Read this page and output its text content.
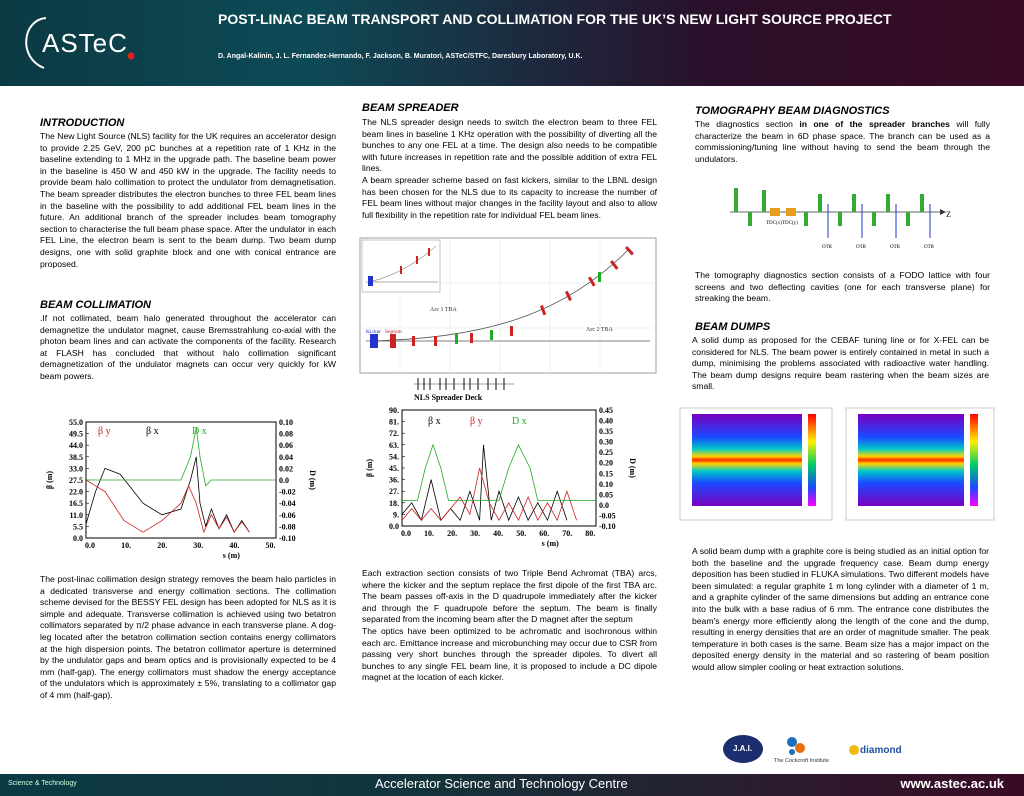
ASTeC
POST-LINAC BEAM TRANSPORT AND COLLIMATION FOR THE UK’S NEW LIGHT SOURCE PROJECT
D. Angal-Kalinin, J. L. Fernandez-Hernando, F. Jackson, B. Muratori, ASTeC/STFC, Daresbury Laboratory, U.K.
INTRODUCTION
The New Light Source (NLS) facility for the UK requires an accelerator design to provide 2.25 GeV, 200 pC bunches at a repetition rate of 1 KHz in the baseline extending to 1 MHz in the upgrade path. The baseline beam power in the baseline is 450 W and 450 kW in the upgrade. The facility needs to provide beam halo collimation to protect the undulator from demagnetisation. The beam spreader distributes the electron bunches to three FEL beam lines in the baseline with the possibility to add additional FEL beam lines in the future. An additional branch of the spreader includes beam tomography section to characterise the full beam phase space. After the undulator in each FEL Line, the electron beam is sent to the beam dump. Two beam dump designs, one with solid graphite block and one with conical entrance are proposed.
BEAM COLLIMATION
.If not collimated, beam halo generated throughout the accelerator can demagnetize the undulator magnet, cause Bremsstrahlung co-axial with the photon beam lines and can activate the components of the facility. Research at FLASH has concluded that without halo collimation significant demagnetization of the undulator magnets can occur very quickly for kW beam powers.
55.0
49.5
44.0
38.5
33.0
27.5
22.0
16.5
11.0
5.5
0.0
0.10
0.08
0.06
0.04
0.02
0.0
-0.02
-0.04
-0.06
-0.08
-0.10
0.0	10.	20.	30.	40.	50.
s (m)
β (m)	D (m)
β y	β x	D x
The post-linac collimation design strategy removes the beam halo particles in a dedicated transverse and energy collimation sections. The collimation scheme devised for the BESSY FEL design has been adopted for NLS as it is simple and adequate. Transverse collimation is achieved using two betatron collimators separated by π/2 phase advance in each transverse plane. A dog-leg located after the betatron collimation section contains energy collimators at the high dispersion points. The betatron collimator aperture is determined by the undulator gaps and beam optics and is provisionally expected to be 4 mm (half-gap). The energy collimators must shadow the energy acceptance of the undulators which is approximately ± 5%, translating to a collimator gap of 4 mm (half-gap).
BEAM SPREADER
The NLS spreader design needs to switch the electron beam to three FEL beam lines in baseline 1 KHz operation with the possibility of diverting all the bunches to any one FEL at a time. The design also needs to be compatible with future increases in repetition rate and the possible addition of extra FEL lines.
A beam spreader scheme based on fast kickers, similar to the LBNL design has been chosen for the NLS due to its capacity to increase the number of FEL beam lines without major changes in the facility layout and also to allow full flexibility in the repetition rate for individual FEL beam lines.
Arc 1 TBA
Arc 2 TBA
Kicker Septum
NLS Spreader Deck
90.
81.
72.
63.
54.
45.
36.
27.
18.
9.
0.0
0.45
0.40
0.35
0.30
0.25
0.20
0.15
0.10
0.05
0.0
-0.05
-0.10
0.0 10. 20. 30. 40. 50. 60. 70. 80.
s (m)
β (m)	D (m)
β x	β y	D x
Each extraction section consists of two Triple Bend Achromat (TBA) arcs, where the kicker and the septum replace the first dipole of the first TBA arc. The beam passes off-axis in the D quadrupole immediately after the kicker and through the F quadrupole before the septum. The beam is finally separated from the incoming beam after the D magnet after the septum
The optics have been optimized to be achromatic and isochronous within each arc. Emittance increase and microbunching may occur due to CSR from passing very short bunches through the spreader dipoles. To divert all bunches to any single FEL beam line, it is proposed to include a DC dipole magnet at the location of each kicker.
TOMOGRAPHY BEAM DIAGNOSTICS
The diagnostics section in one of the spreader branches will fully characterize the beam in 6D phase space. The branch can be used as a commissioning/tuning line without having to send the beam through the undulators.
Z
TDC(x) TDC(y)
OTR	OTR	OTR	OTR
The tomography diagnostics section consists of a FODO lattice with four screens and two deflecting cavities (one for each transverse plane) for streaking the beam.
BEAM DUMPS
A solid dump as proposed for the CEBAF tuning line or for X-FEL can be considered for NLS. The beam power is entirely contained in metal in such a dump, minimising the problems associated with radioactive water handling. The beam dump designs require beam rastering when the beam sizes are small.
A solid beam dump with a graphite core is being studied as an initial option for both the baseline and the upgrade frequency case. Beam dump energy deposition has been studied in FLUKA simulations. Two different models have been simulated: a regular graphite 1 m long cylinder with a diameter of 1 m, and a graphite cylinder of the same dimensions but adding an entrance cone into the bulk with a base radius of 6 mm. The entrance cone distributes the beam’s energy more efficiently along the length of the cone and the dump, resulting in energy densities that are an order of magnitude smaller. The peak temperature in both cases is the same. Beam size has a major impact on the deposited energy density in the material and so rastering of beam position would allow simpler cooling or heat extraction solutions.
J.A.I.
The Cockcroft Institute
diamond
Science & Technology	Accelerator Science and Technology Centre	www.astec.ac.uk
